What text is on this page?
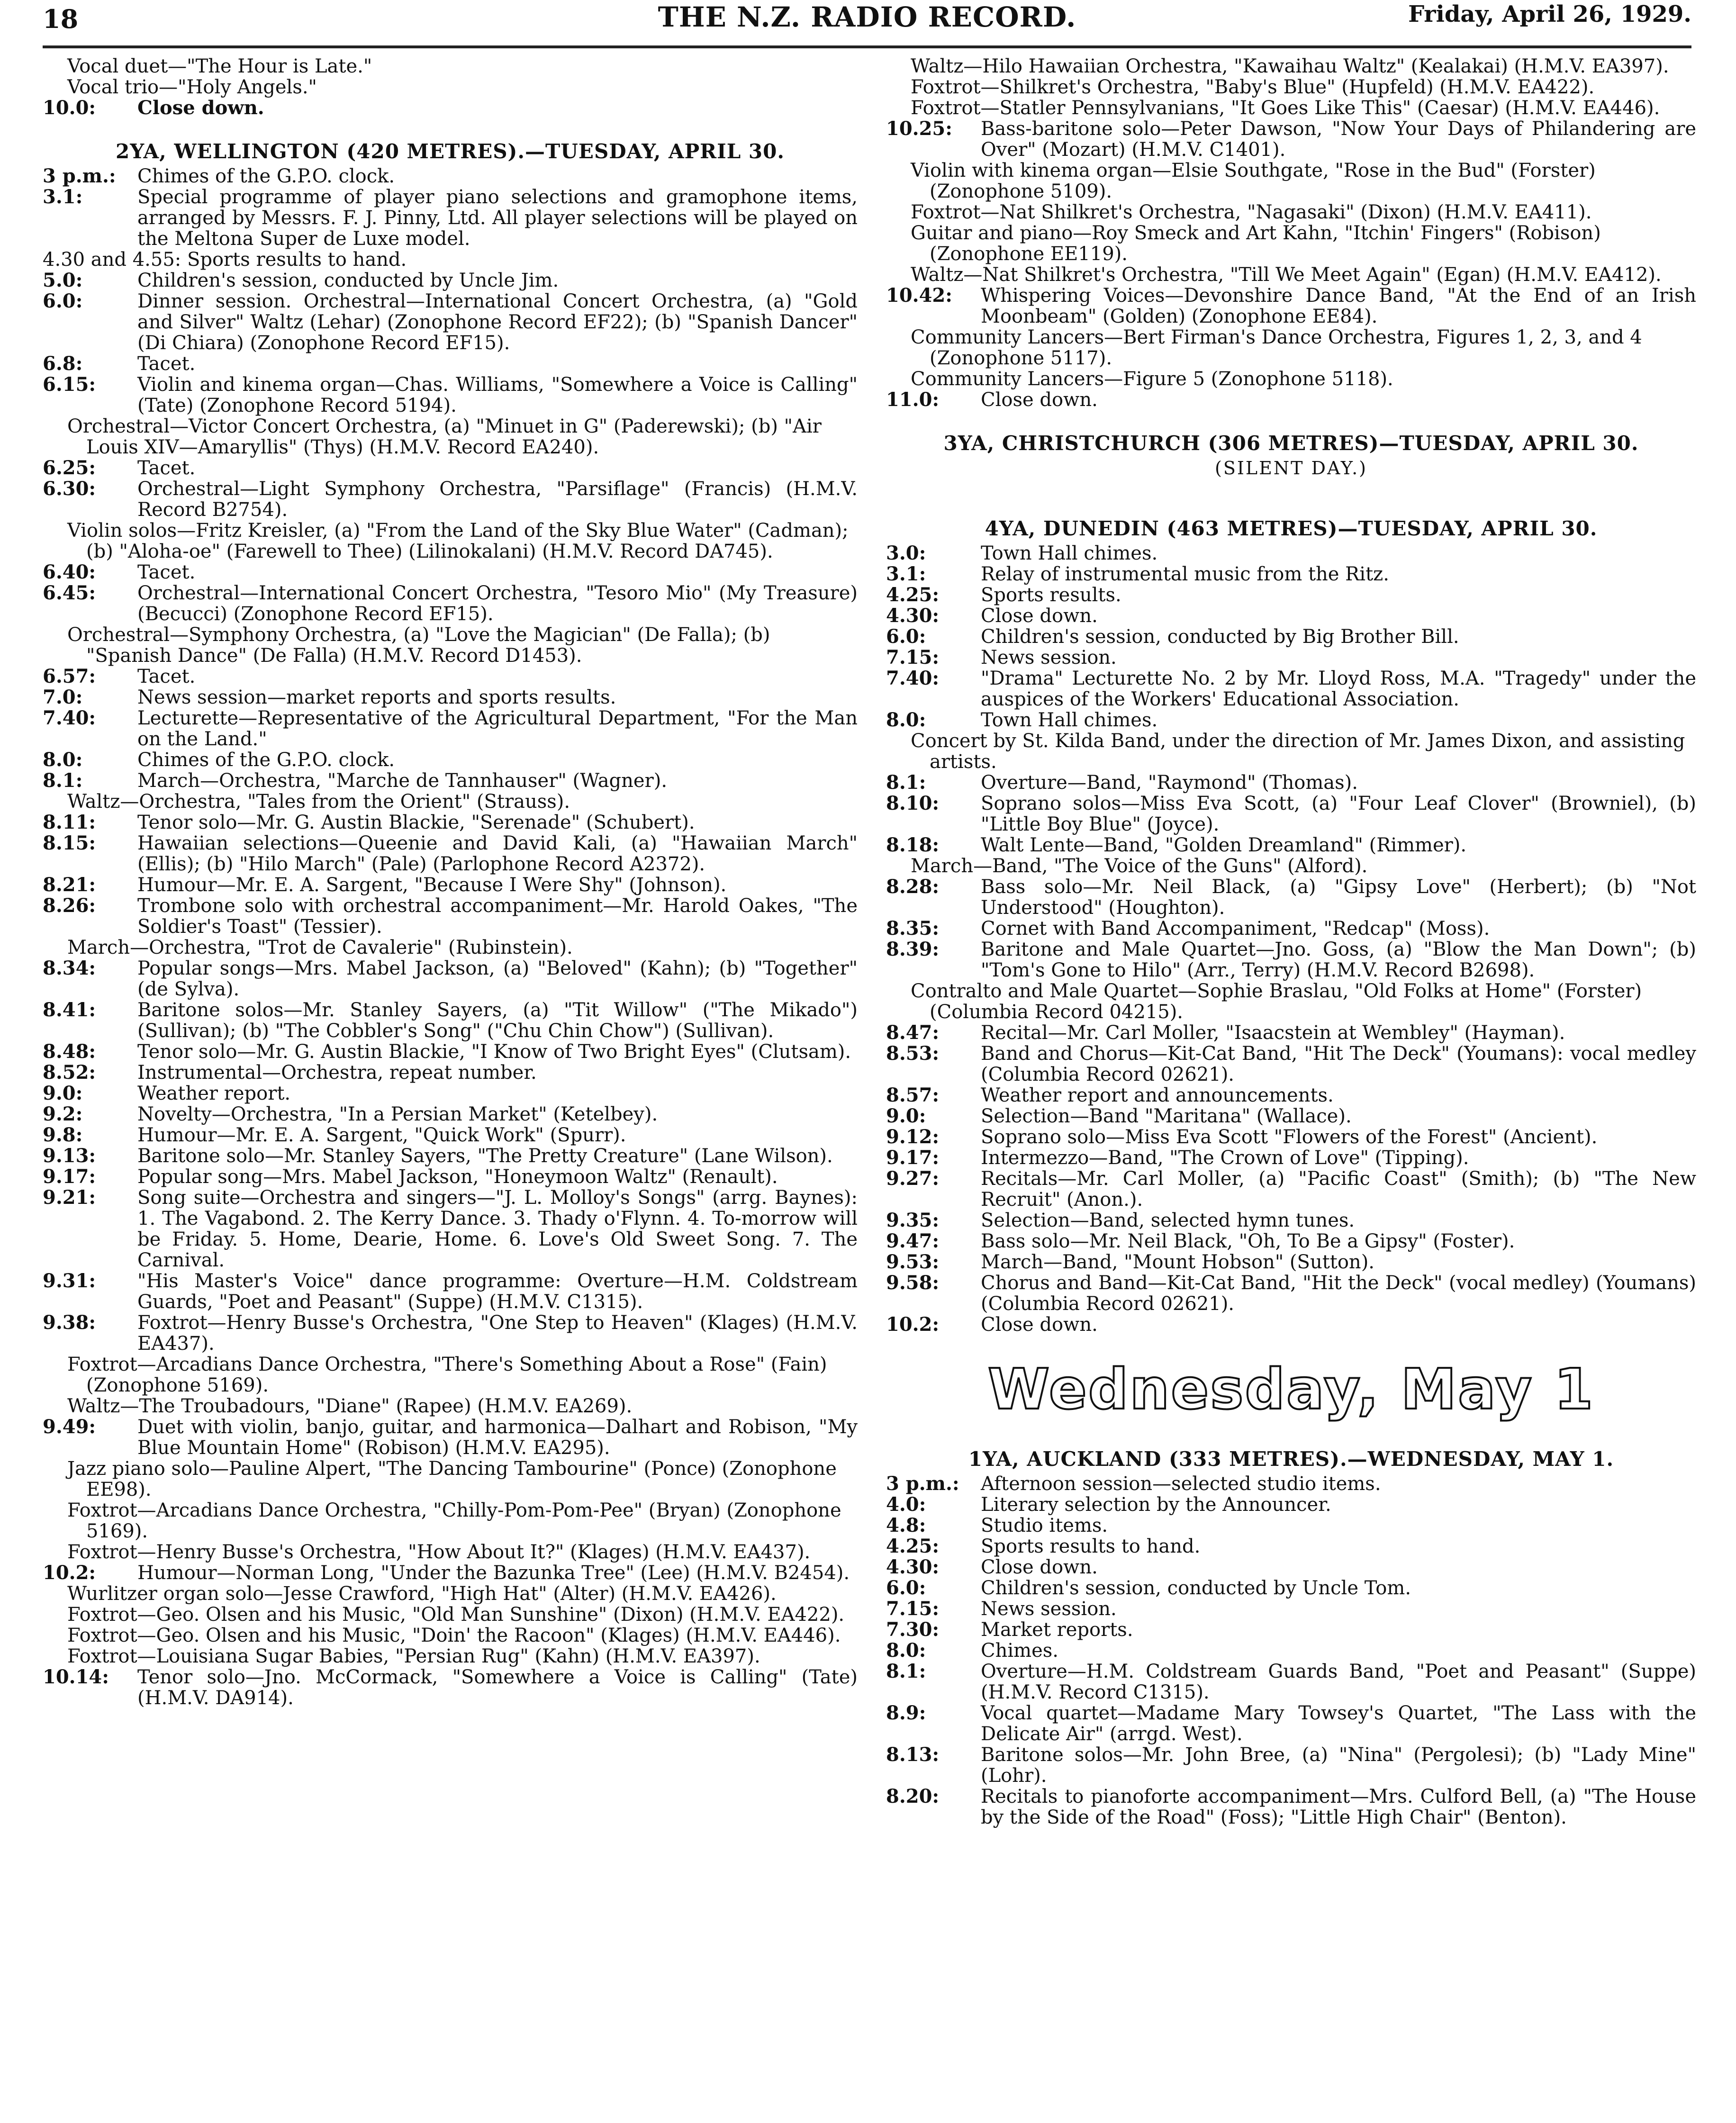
18	THE N.Z. RADIO RECORD.	Friday, April 26, 1929.
Vocal duet—"The Hour is Late."
Vocal trio—"Holy Angels."
10.0: Close down.
2YA, WELLINGTON (420 METRES).—TUESDAY, APRIL 30.
3 p.m.: Chimes of the G.P.O. clock.
3.1:	Special programme of player piano selections and gramophone items, arranged by Messrs. F. J. Pinny, Ltd. All player selections will be played on the Meltona Super de Luxe model.
4.30 and 4.55: Sports results to hand.
5.0:	Children's session, conducted by Uncle Jim.
6.0:	Dinner session. Orchestral—International Concert Orchestra, (a) "Gold and Silver" Waltz (Lehar) (Zonophone Record EF22); (b) "Spanish Dancer" (Di Chiara) (Zonophone Record EF15).
6.8:	Tacet.
6.15: Violin and kinema organ—Chas. Williams, "Somewhere a Voice is Calling" (Tate) (Zonophone Record 5194).
Orchestral—Victor Concert Orchestra, (a) "Minuet in G" (Paderewski); (b) "Air Louis XIV—Amaryllis" (Thys) (H.M.V. Record EA240).
6.25: Tacet.
6.30: Orchestral—Light Symphony Orchestra, "Parsiflage" (Francis) (H.M.V. Record B2754).
Violin solos—Fritz Kreisler, (a) "From the Land of the Sky Blue Water" (Cadman); (b) "Aloha-oe" (Farewell to Thee) (Lilinokalani) (H.M.V. Record DA745).
6.40: Tacet.
6.45: Orchestral—International Concert Orchestra, "Tesoro Mio" (My Treasure) (Becucci) (Zonophone Record EF15).
Orchestral—Symphony Orchestra, (a) "Love the Magician" (De Falla); (b) "Spanish Dance" (De Falla) (H.M.V. Record D1453).
6.57: Tacet.
7.0:	News session—market reports and sports results.
7.40: Lecturette—Representative of the Agricultural Department, "For the Man on the Land."
8.0:	Chimes of the G.P.O. clock.
8.1:	March—Orchestra, "Marche de Tannhauser" (Wagner).
Waltz—Orchestra, "Tales from the Orient" (Strauss).
8.11: Tenor solo—Mr. G. Austin Blackie, "Serenade" (Schubert).
8.15: Hawaiian selections—Queenie and David Kali, (a) "Hawaiian March" (Ellis); (b) "Hilo March" (Pale) (Parlophone Record A2372).
8.21: Humour—Mr. E. A. Sargent, "Because I Were Shy" (Johnson).
8.26: Trombone solo with orchestral accompaniment—Mr. Harold Oakes, "The Soldier's Toast" (Tessier).
March—Orchestra, "Trot de Cavalerie" (Rubinstein).
8.34: Popular songs—Mrs. Mabel Jackson, (a) "Beloved" (Kahn); (b) "Together" (de Sylva).
8.41: Baritone solos—Mr. Stanley Sayers, (a) "Tit Willow" ("The Mikado") (Sullivan); (b) "The Cobbler's Song" ("Chu Chin Chow") (Sullivan).
8.48: Tenor solo—Mr. G. Austin Blackie, "I Know of Two Bright Eyes" (Clutsam).
8.52: Instrumental—Orchestra, repeat number.
9.0:	Weather report.
9.2:	Novelty—Orchestra, "In a Persian Market" (Ketelbey).
9.8:	Humour—Mr. E. A. Sargent, "Quick Work" (Spurr).
9.13: Baritone solo—Mr. Stanley Sayers, "The Pretty Creature" (Lane Wilson).
9.17: Popular song—Mrs. Mabel Jackson, "Honeymoon Waltz" (Renault).
9.21: Song suite—Orchestra and singers—"J. L. Molloy's Songs" (arrg. Baynes): 1. The Vagabond. 2. The Kerry Dance. 3. Thady o'Flynn. 4. To-morrow will be Friday. 5. Home, Dearie, Home. 6. Love's Old Sweet Song. 7. The Carnival.
9.31: "His Master's Voice" dance programme: Overture—H.M. Coldstream Guards, "Poet and Peasant" (Suppe) (H.M.V. C1315).
9.38: Foxtrot—Henry Busse's Orchestra, "One Step to Heaven" (Klages) (H.M.V. EA437).
Foxtrot—Arcadians Dance Orchestra, "There's Something About a Rose" (Fain) (Zonophone 5169).
Waltz—The Troubadours, "Diane" (Rapee) (H.M.V. EA269).
9.49: Duet with violin, banjo, guitar, and harmonica—Dalhart and Robison, "My Blue Mountain Home" (Robison) (H.M.V. EA295).
Jazz piano solo—Pauline Alpert, "The Dancing Tambourine" (Ponce) (Zonophone EE98).
Foxtrot—Arcadians Dance Orchestra, "Chilly-Pom-Pom-Pee" (Bryan) (Zonophone 5169).
Foxtrot—Henry Busse's Orchestra, "How About It?" (Klages) (H.M.V. EA437).
10.2: Humour—Norman Long, "Under the Bazunka Tree" (Lee) (H.M.V. B2454).
Wurlitzer organ solo—Jesse Crawford, "High Hat" (Alter) (H.M.V. EA426).
Foxtrot—Geo. Olsen and his Music, "Old Man Sunshine" (Dixon) (H.M.V. EA422).
Foxtrot—Geo. Olsen and his Music, "Doin' the Racoon" (Klages) (H.M.V. EA446).
Foxtrot—Louisiana Sugar Babies, "Persian Rug" (Kahn) (H.M.V. EA397).
10.14: Tenor solo—Jno. McCormack, "Somewhere a Voice is Calling" (Tate) (H.M.V. DA914).
Waltz—Hilo Hawaiian Orchestra, "Kawaihau Waltz" (Kealakai) (H.M.V. EA397).
Foxtrot—Shilkret's Orchestra, "Baby's Blue" (Hupfeld) (H.M.V. EA422).
Foxtrot—Statler Pennsylvanians, "It Goes Like This" (Caesar) (H.M.V. EA446).
10.25: Bass-baritone solo—Peter Dawson, "Now Your Days of Philandering are Over" (Mozart) (H.M.V. C1401).
Violin with kinema organ—Elsie Southgate, "Rose in the Bud" (Forster) (Zonophone 5109).
Foxtrot—Nat Shilkret's Orchestra, "Nagasaki" (Dixon) (H.M.V. EA411).
Guitar and piano—Roy Smeck and Art Kahn, "Itchin' Fingers" (Robison) (Zonophone EE119).
Waltz—Nat Shilkret's Orchestra, "Till We Meet Again" (Egan) (H.M.V. EA412).
10.42: Whispering Voices—Devonshire Dance Band, "At the End of an Irish Moonbeam" (Golden) (Zonophone EE84).
Community Lancers—Bert Firman's Dance Orchestra, Figures 1, 2, 3, and 4 (Zonophone 5117).
Community Lancers—Figure 5 (Zonophone 5118).
11.0: Close down.
3YA, CHRISTCHURCH (306 METRES)—TUESDAY, APRIL 30.
(SILENT DAY.)
4YA, DUNEDIN (463 METRES)—TUESDAY, APRIL 30.
3.0:	Town Hall chimes.
3.1:	Relay of instrumental music from the Ritz.
4.25: Sports results.
4.30: Close down.
6.0:	Children's session, conducted by Big Brother Bill.
7.15: News session.
7.40: "Drama" Lecturette No. 2 by Mr. Lloyd Ross, M.A. "Tragedy" under the auspices of the Workers' Educational Association.
8.0:	Town Hall chimes.
Concert by St. Kilda Band, under the direction of Mr. James Dixon, and assisting artists.
8.1:	Overture—Band, "Raymond" (Thomas).
8.10: Soprano solos—Miss Eva Scott, (a) "Four Leaf Clover" (Browniel), (b) "Little Boy Blue" (Joyce).
8.18: Walt Lente—Band, "Golden Dreamland" (Rimmer).
March—Band, "The Voice of the Guns" (Alford).
8.28: Bass solo—Mr. Neil Black, (a) "Gipsy Love" (Herbert); (b) "Not Understood" (Houghton).
8.35: Cornet with Band Accompaniment, "Redcap" (Moss).
8.39: Baritone and Male Quartet—Jno. Goss, (a) "Blow the Man Down"; (b) "Tom's Gone to Hilo" (Arr., Terry) (H.M.V. Record B2698).
Contralto and Male Quartet—Sophie Braslau, "Old Folks at Home" (Forster) (Columbia Record 04215).
8.47: Recital—Mr. Carl Moller, "Isaacstein at Wembley" (Hayman).
8.53: Band and Chorus—Kit-Cat Band, "Hit The Deck" (Youmans): vocal medley (Columbia Record 02621).
8.57: Weather report and announcements.
9.0:	Selection—Band "Maritana" (Wallace).
9.12: Soprano solo—Miss Eva Scott "Flowers of the Forest" (Ancient).
9.17: Intermezzo—Band, "The Crown of Love" (Tipping).
9.27: Recitals—Mr. Carl Moller, (a) "Pacific Coast" (Smith); (b) "The New Recruit" (Anon.).
9.35: Selection—Band, selected hymn tunes.
9.47: Bass solo—Mr. Neil Black, "Oh, To Be a Gipsy" (Foster).
9.53: March—Band, "Mount Hobson" (Sutton).
9.58: Chorus and Band—Kit-Cat Band, "Hit the Deck" (vocal medley) (Youmans) (Columbia Record 02621).
10.2: Close down.
Wednesday, May 1
1YA, AUCKLAND (333 METRES).—WEDNESDAY, MAY 1.
3 p.m.: Afternoon session—selected studio items.
4.0:	Literary selection by the Announcer.
4.8:	Studio items.
4.25: Sports results to hand.
4.30: Close down.
6.0:	Children's session, conducted by Uncle Tom.
7.15: News session.
7.30: Market reports.
8.0:	Chimes.
8.1:	Overture—H.M. Coldstream Guards Band, "Poet and Peasant" (Suppe) (H.M.V. Record C1315).
8.9:	Vocal quartet—Madame Mary Towsey's Quartet, "The Lass with the Delicate Air" (arrgd. West).
8.13: Baritone solos—Mr. John Bree, (a) "Nina" (Pergolesi); (b) "Lady Mine" (Lohr).
8.20: Recitals to pianoforte accompaniment—Mrs. Culford Bell, (a) "The House by the Side of the Road" (Foss); "Little High Chair" (Benton).
